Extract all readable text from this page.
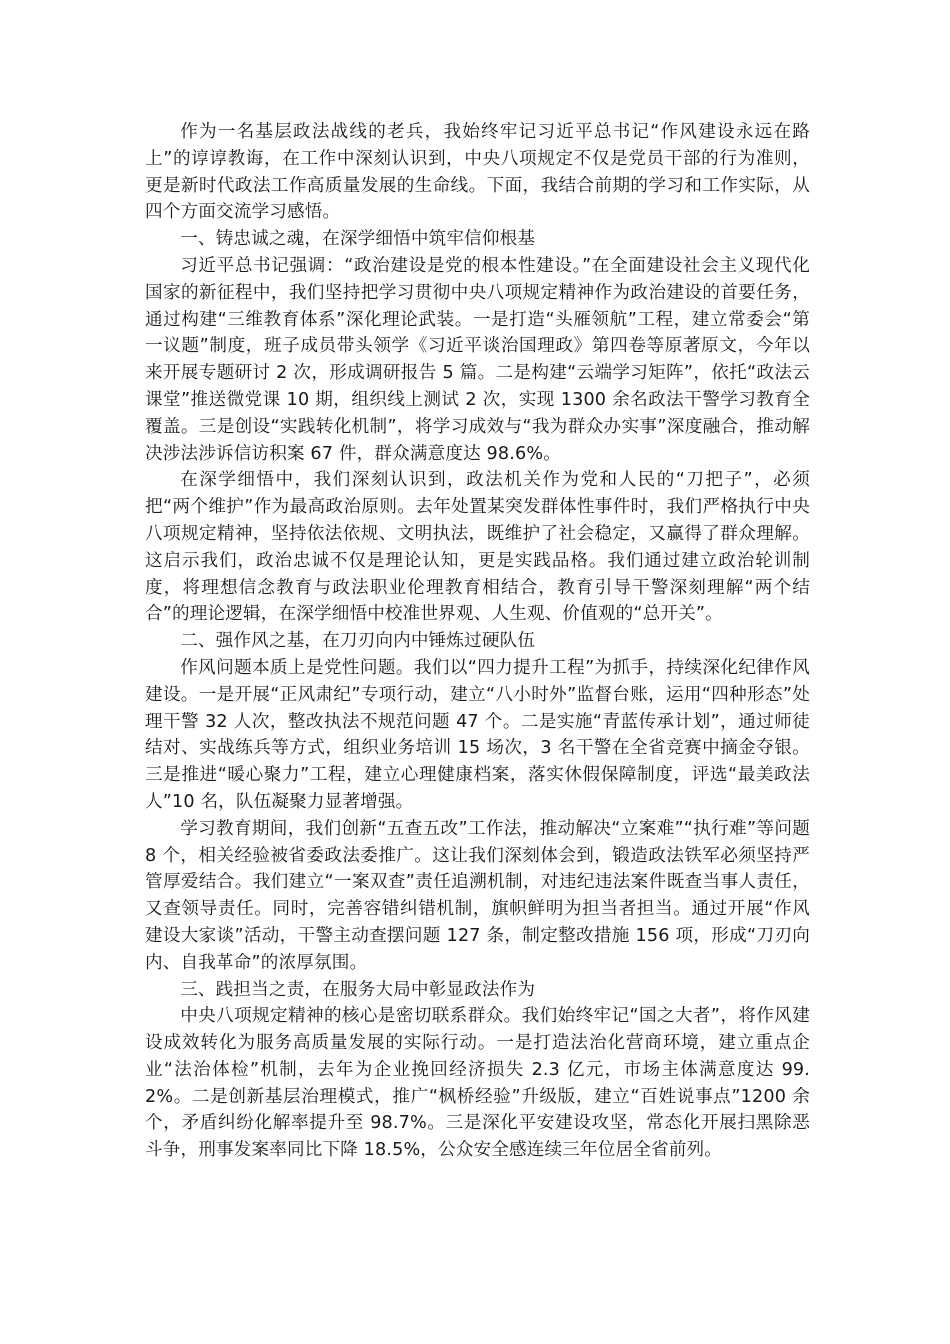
作为一名基层政法战线的老兵，我始终牢记习近平总书记“作风建设永远在路上”的谆谆教诲，在工作中深刻认识到，中央八项规定不仅是党员干部的行为准则，更是新时代政法工作高质量发展的生命线。下面，我结合前期的学习和工作实际，从四个方面交流学习感悟。

一、铸忠诚之魂，在深学细悟中筑牢信仰根基

习近平总书记强调：“政治建设是党的根本性建设。”在全面建设社会主义现代化国家的新征程中，我们坚持把学习贯彻中央八项规定精神作为政治建设的首要任务，通过构建“三维教育体系”深化理论武装。一是打造“头雁领航”工程，建立常委会“第一议题”制度，班子成员带头领学《习近平谈治国理政》第四卷等原著原文，今年以来开展专题研讨 2 次，形成调研报告 5 篇。二是构建“云端学习矩阵”，依托“政法云课堂”推送微党课 10 期，组织线上测试 2 次，实现 1300 余名政法干警学习教育全覆盖。三是创设“实践转化机制”，将学习成效与“我为群众办实事”深度融合，推动解决涉法涉诉信访积案 67 件，群众满意度达 98.6%。

在深学细悟中，我们深刻认识到，政法机关作为党和人民的“刀把子”，必须把“两个维护”作为最高政治原则。去年处置某突发群体性事件时，我们严格执行中央八项规定精神，坚持依法依规、文明执法，既维护了社会稳定，又赢得了群众理解。这启示我们，政治忠诚不仅是理论认知，更是实践品格。我们通过建立政治轮训制度，将理想信念教育与政法职业伦理教育相结合，教育引导干警深刻理解“两个结合”的理论逻辑，在深学细悟中校准世界观、人生观、价值观的“总开关”。

二、强作风之基，在刀刃向内中锤炼过硬队伍

作风问题本质上是党性问题。我们以“四力提升工程”为抓手，持续深化纪律作风建设。一是开展“正风肃纪”专项行动，建立“八小时外”监督台账，运用“四种形态”处理干警 32 人次，整改执法不规范问题 47 个。二是实施“青蓝传承计划”，通过师徒结对、实战练兵等方式，组织业务培训 15 场次，3 名干警在全省竞赛中摘金夺银。三是推进“暖心聚力”工程，建立心理健康档案，落实休假保障制度，评选“最美政法人”10 名，队伍凝聚力显著增强。

学习教育期间，我们创新“五查五改”工作法，推动解决“立案难”“执行难”等问题 8 个，相关经验被省委政法委推广。这让我们深刻体会到，锻造政法铁军必须坚持严管厚爱结合。我们建立“一案双查”责任追溯机制，对违纪违法案件既查当事人责任，又查领导责任。同时，完善容错纠错机制，旗帜鲜明为担当者担当。通过开展“作风建设大家谈”活动，干警主动查摆问题 127 条，制定整改措施 156 项，形成“刀刃向内、自我革命”的浓厚氛围。

三、践担当之责，在服务大局中彰显政法作为

中央八项规定精神的核心是密切联系群众。我们始终牢记“国之大者”，将作风建设成效转化为服务高质量发展的实际行动。一是打造法治化营商环境，建立重点企业“法治体检”机制，去年为企业挽回经济损失 2.3 亿元，市场主体满意度达 99.2%。二是创新基层治理模式，推广“枫桥经验”升级版，建立“百姓说事点”1200 余个，矛盾纠纷化解率提升至 98.7%。三是深化平安建设攻坚，常态化开展扫黑除恶斗争，刑事发案率同比下降 18.5%，公众安全感连续三年位居全省前列。
